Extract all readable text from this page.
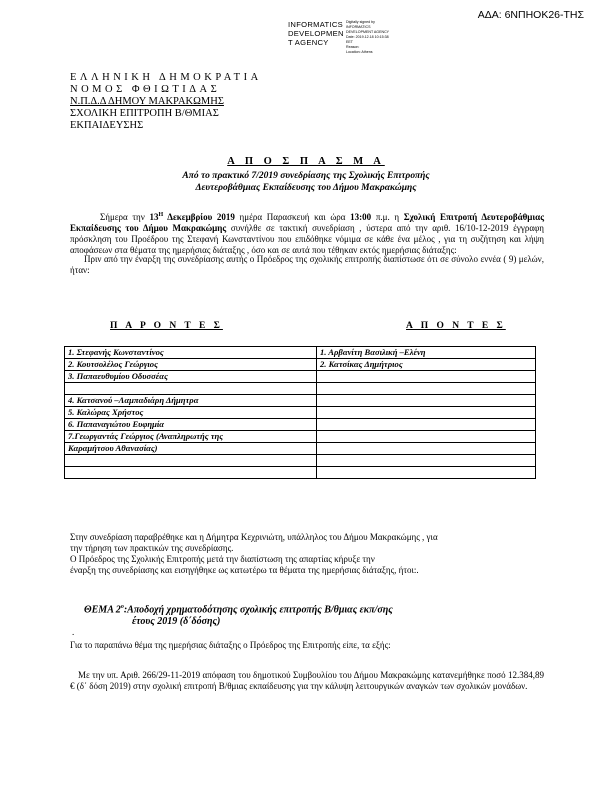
ΑΔΑ: 6ΝΠΗΟΚ26-ΤΗΣ
INFORMATICS
DEVELOPMEN
T AGENCY
Digitally signed by
INFORMATICS
DEVELOPMENT AGENCY
Date: 2019.12.18 10:15:38
EET
Reason:
Location: Athens
ΕΛΛΗΝΙΚΗ ΔΗΜΟΚΡΑΤΙΑ
ΝΟΜΟΣ ΦΘΙΩΤΙΔΑΣ
Ν.Π.Δ.Δ ΔΗΜΟΥ ΜΑΚΡΑΚΩΜΗΣ
ΣΧΟΛΙΚΗ ΕΠΙΤΡΟΠΗ Β/ΘΜΙΑΣ
ΕΚΠΑΙΔΕΥΣΗΣ
Α Π Ο Σ Π Α Σ Μ Α
Από το πρακτικό 7/2019 συνεδρίασης της Σχολικής Επιτροπής
Δευτεροβάθμιας Εκπαίδευσης του Δήμου Μακρακώμης
Σήμερα την $13^H$ Δεκεμβρίου 2019 ημέρα Παρασκευή και ώρα 13:00 π.μ. η Σχολική Επιτροπή Δευτεροβάθμιας Εκπαίδευσης του Δήμου Μακρακώμης συνήλθε σε τακτική συνεδρίαση , ύστερα από την αριθ. 16/10-12-2019 έγγραφη πρόσκληση του Προέδρου της Στεφανή Κωνσταντίνου που επιδόθηκε νόμιμα σε κάθε ένα μέλος , για τη συζήτηση και λήψη αποφάσεων στα θέματα της ημερήσιας διάταξης , όσο και σε αυτά που τέθηκαν εκτός ημερήσιας διάταξης:
Πριν από την έναρξη της συνεδρίασης αυτής ο Πρόεδρος της σχολικής επιτροπής διαπίστωσε ότι σε σύνολο εννέα ( 9) μελών, ήταν:
Π Α Ρ Ο Ν Τ Ε Σ	Α Π Ο Ν Τ Ε Σ
1. Στεφανής Κωνσταντίνος	1. Αρβανίτη Βασιλική –Ελένη
2. Κουτσολέλος Γεώργιος	2. Κατσίκας Δημήτριος
3. Παπαευθυμίου Οδυσσέας	

4. Κατσανού –Λαμπαδιάρη Δήμητρα	
5. Καλώρας Χρήστος	
6. Παπαναγιώτου Ευφημία	
7.Γεωργαντάς Γεώργιος (Αναπληρωτής της	
Καραμήτσου Αθανασίας)	

Στην συνεδρίαση παραβρέθηκε και η Δήμητρα Κεχρινιώτη, υπάλληλος του Δήμου Μακρακώμης , για
την τήρηση των πρακτικών της συνεδρίασης.
Ο Πρόεδρος της Σχολικής Επιτροπής μετά την διαπίστωση της απαρτίας κήρυξε την
έναρξη της συνεδρίασης και εισηγήθηκε ως κατωτέρω τα θέματα της ημερήσιας διάταξης, ήτοι:.
ΘΕΜΑ $2^o:A\pi o\delta o\chi ή$ χρηματοδότησης σχολικής επιτροπής Β/θμιας εκπ/σης
έτους 2019 (δ΄δόσης)
.
Για το παραπάνω θέμα της ημερήσιας διάταξης ο Πρόεδρος της Επιτροπής είπε, τα εξής:
Με την υπ. Αριθ. 266/29-11-2019 απόφαση του δημοτικού Συμβουλίου του Δήμου Μακρακώμης κατανεμήθηκε ποσό 12.384,89 € (δ΄ δόση 2019) στην σχολική επιτροπή Β/θμιας εκπαίδευσης για την κάλυψη λειτουργικών αναγκών των σχολικών μονάδων.
